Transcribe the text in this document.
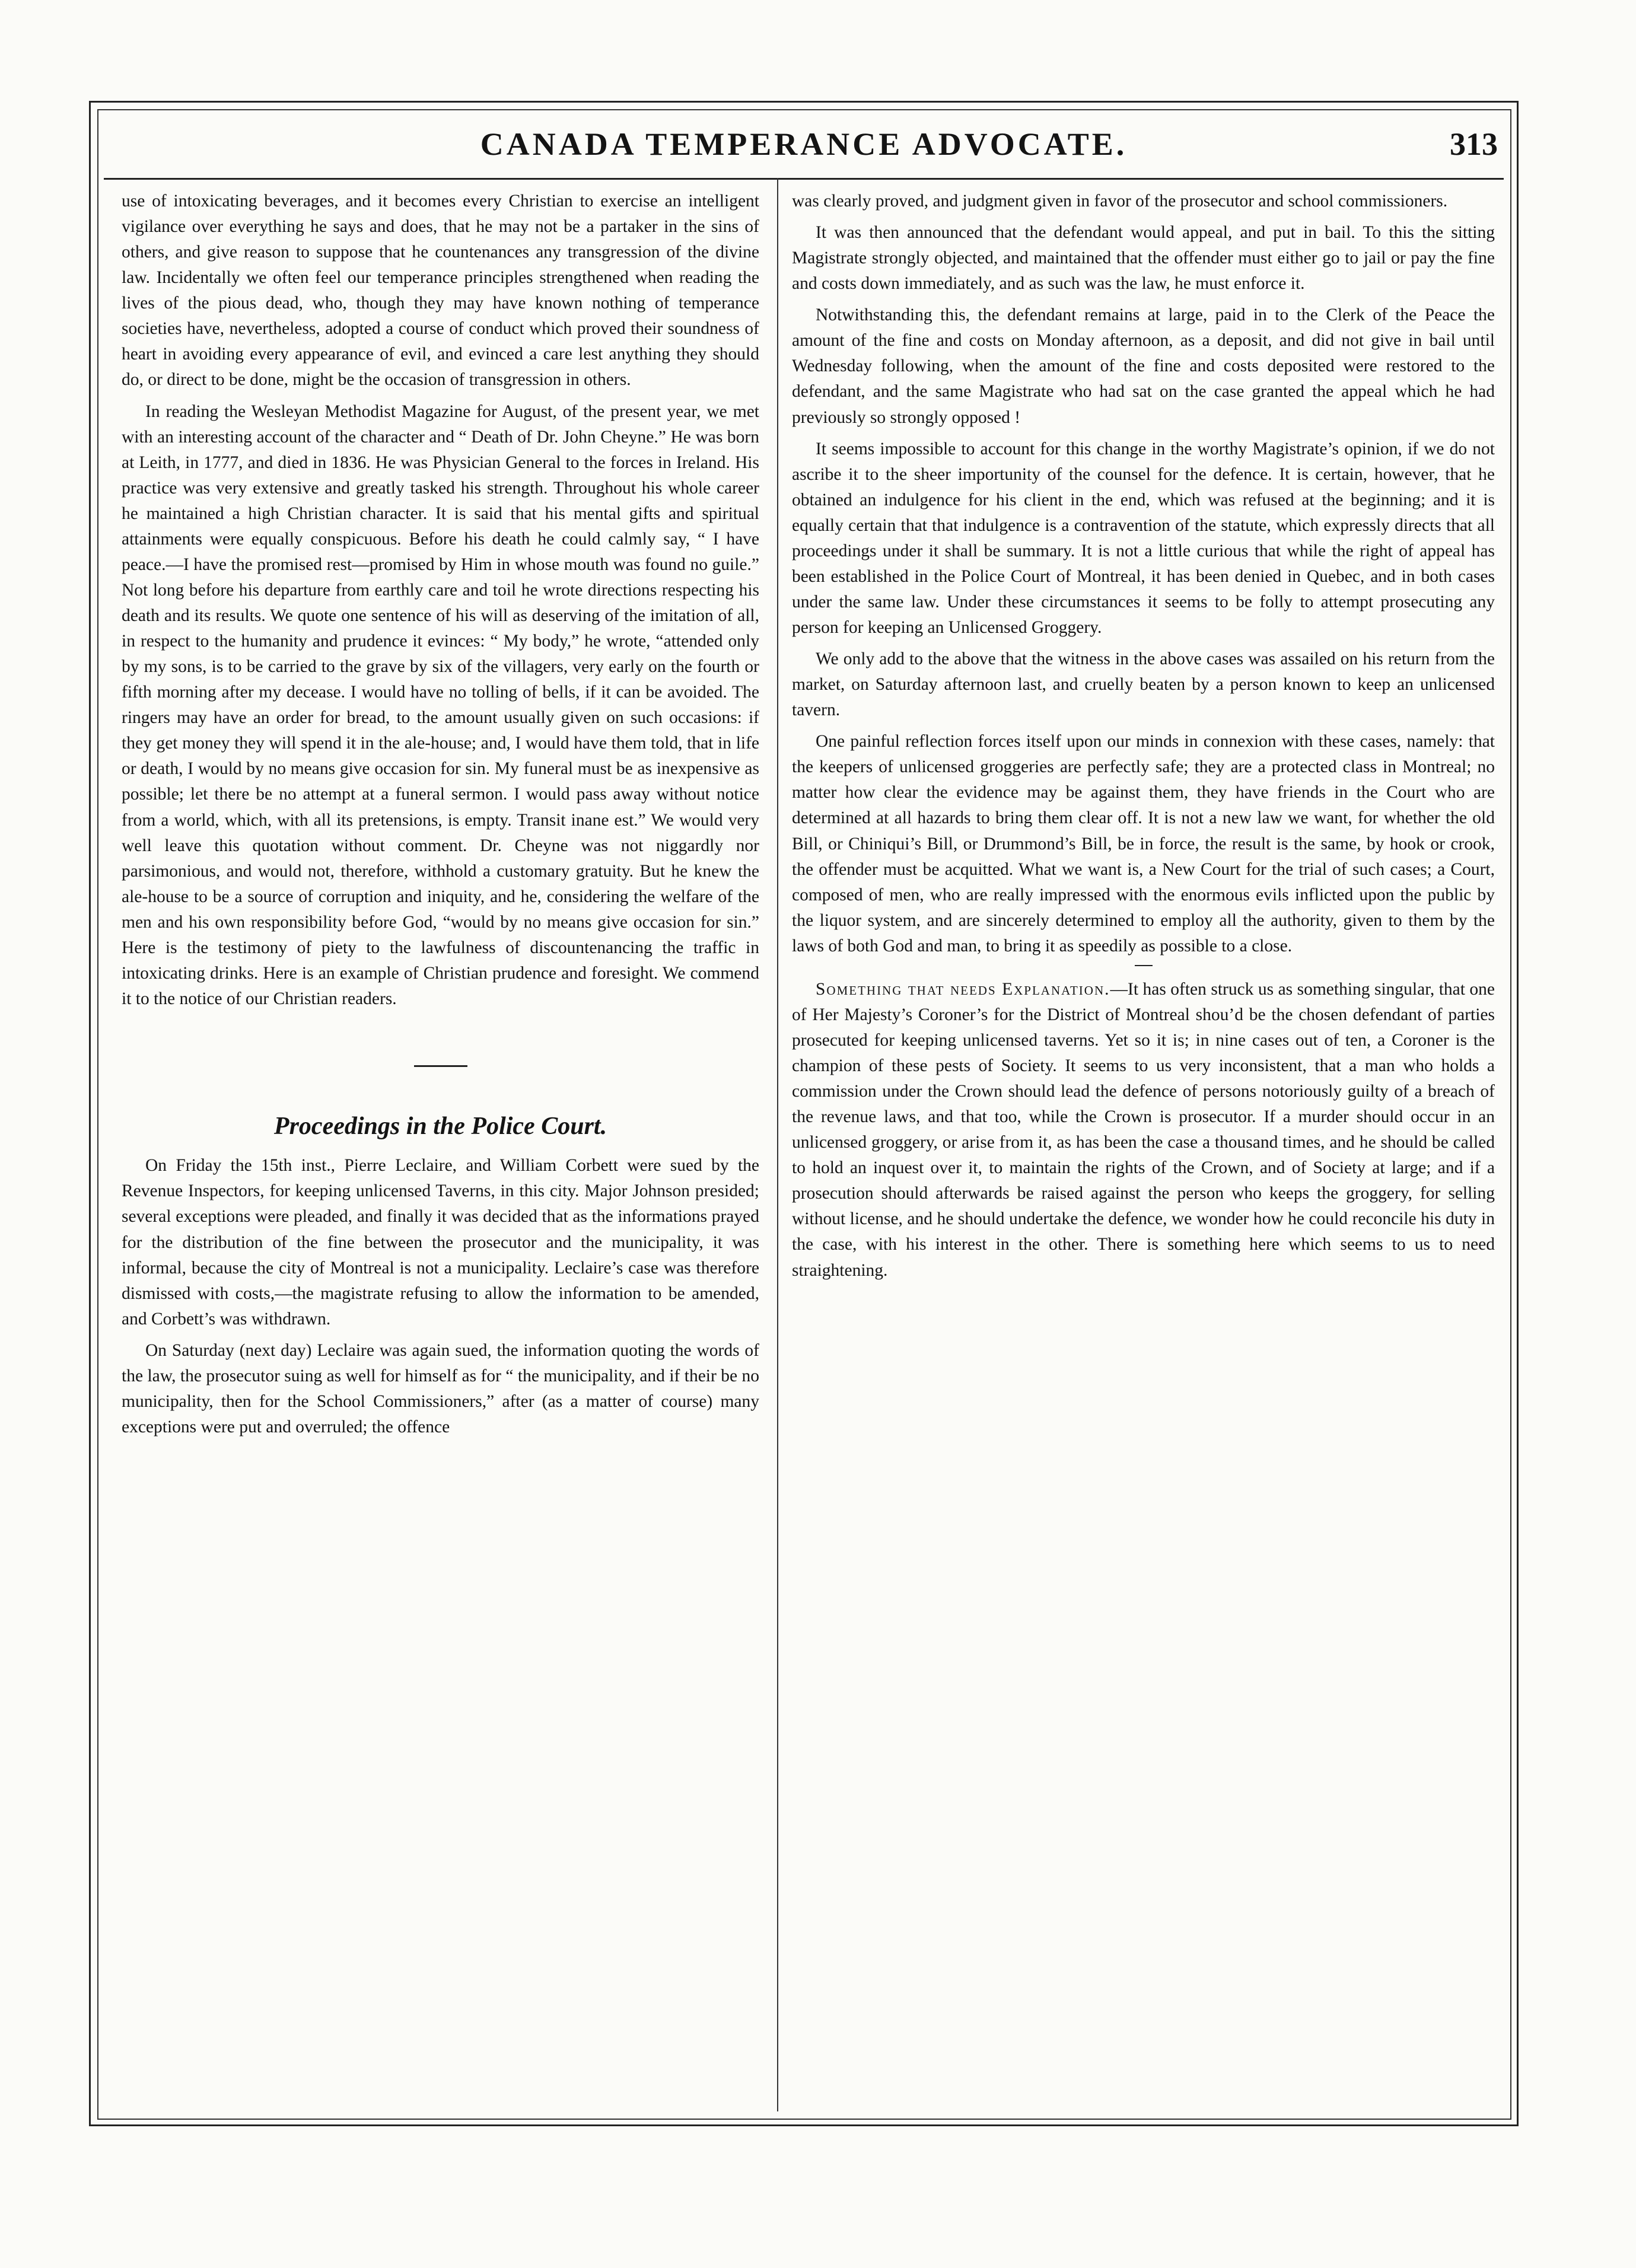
CANADA TEMPERANCE ADVOCATE.	313

use of intoxicating beverages, and it becomes every Christian to exercise an intelligent vigilance over everything he says and does, that he may not be a partaker in the sins of others, and give reason to suppose that he countenances any transgression of the divine law. Incidentally we often feel our temperance principles strengthened when reading the lives of the pious dead, who, though they may have known nothing of temperance societies have, nevertheless, adopted a course of conduct which proved their soundness of heart in avoiding every appearance of evil, and evinced a care lest anything they should do, or direct to be done, might be the occasion of transgression in others.

In reading the Wesleyan Methodist Magazine for August, of the present year, we met with an interesting account of the character and “ Death of Dr. John Cheyne.” He was born at Leith, in 1777, and died in 1836. He was Physician General to the forces in Ireland. His practice was very extensive and greatly tasked his strength. Throughout his whole career he maintained a high Christian character. It is said that his mental gifts and spiritual attainments were equally conspicuous. Before his death he could calmly say, “ I have peace.—I have the promised rest—promised by Him in whose mouth was found no guile.” Not long before his departure from earthly care and toil he wrote directions respecting his death and its results. We quote one sentence of his will as deserving of the imitation of all, in respect to the humanity and prudence it evinces: “ My body,” he wrote, “attended only by my sons, is to be carried to the grave by six of the villagers, very early on the fourth or fifth morning after my decease. I would have no tolling of bells, if it can be avoided. The ringers may have an order for bread, to the amount usually given on such occasions: if they get money they will spend it in the ale-house; and, I would have them told, that in life or death, I would by no means give occasion for sin. My funeral must be as inexpensive as possible; let there be no attempt at a funeral sermon. I would pass away without notice from a world, which, with all its pretensions, is empty. Transit inane est.” We would very well leave this quotation without comment. Dr. Cheyne was not niggardly nor parsimonious, and would not, therefore, withhold a customary gratuity. But he knew the ale-house to be a source of corruption and iniquity, and he, considering the welfare of the men and his own responsibility before God, “would by no means give occasion for sin.” Here is the testimony of piety to the lawfulness of discountenancing the traffic in intoxicating drinks. Here is an example of Christian prudence and foresight. We commend it to the notice of our Christian readers.

Proceedings in the Police Court.

On Friday the 15th inst., Pierre Leclaire, and William Corbett were sued by the Revenue Inspectors, for keeping unlicensed Taverns, in this city. Major Johnson presided; several exceptions were pleaded, and finally it was decided that as the informations prayed for the distribution of the fine between the prosecutor and the municipality, it was informal, because the city of Montreal is not a municipality. Leclaire’s case was therefore dismissed with costs,—the magistrate refusing to allow the information to be amended, and Corbett’s was withdrawn.

On Saturday (next day) Leclaire was again sued, the information quoting the words of the law, the prosecutor suing as well for himself as for “ the municipality, and if their be no municipality, then for the School Commissioners,” after (as a matter of course) many exceptions were put and overruled; the offence

was clearly proved, and judgment given in favor of the prosecutor and school commissioners.

It was then announced that the defendant would appeal, and put in bail. To this the sitting Magistrate strongly objected, and maintained that the offender must either go to jail or pay the fine and costs down immediately, and as such was the law, he must enforce it.

Notwithstanding this, the defendant remains at large, paid in to the Clerk of the Peace the amount of the fine and costs on Monday afternoon, as a deposit, and did not give in bail until Wednesday following, when the amount of the fine and costs deposited were restored to the defendant, and the same Magistrate who had sat on the case granted the appeal which he had previously so strongly opposed !

It seems impossible to account for this change in the worthy Magistrate’s opinion, if we do not ascribe it to the sheer importunity of the counsel for the defence. It is certain, however, that he obtained an indulgence for his client in the end, which was refused at the beginning; and it is equally certain that that indulgence is a contravention of the statute, which expressly directs that all proceedings under it shall be summary. It is not a little curious that while the right of appeal has been established in the Police Court of Montreal, it has been denied in Quebec, and in both cases under the same law. Under these circumstances it seems to be folly to attempt prosecuting any person for keeping an Unlicensed Groggery.

We only add to the above that the witness in the above cases was assailed on his return from the market, on Saturday afternoon last, and cruelly beaten by a person known to keep an unlicensed tavern.

One painful reflection forces itself upon our minds in connexion with these cases, namely: that the keepers of unlicensed groggeries are perfectly safe; they are a protected class in Montreal; no matter how clear the evidence may be against them, they have friends in the Court who are determined at all hazards to bring them clear off. It is not a new law we want, for whether the old Bill, or Chiniqui’s Bill, or Drummond’s Bill, be in force, the result is the same, by hook or crook, the offender must be acquitted. What we want is, a New Court for the trial of such cases; a Court, composed of men, who are really impressed with the enormous evils inflicted upon the public by the liquor system, and are sincerely determined to employ all the authority, given to them by the laws of both God and man, to bring it as speedily as possible to a close.

Something that needs Explanation.—It has often struck us as something singular, that one of Her Majesty’s Coroner’s for the District of Montreal shou’d be the chosen defendant of parties prosecuted for keeping unlicensed taverns. Yet so it is; in nine cases out of ten, a Coroner is the champion of these pests of Society. It seems to us very inconsistent, that a man who holds a commission under the Crown should lead the defence of persons notoriously guilty of a breach of the revenue laws, and that too, while the Crown is prosecutor. If a murder should occur in an unlicensed groggery, or arise from it, as has been the case a thousand times, and he should be called to hold an inquest over it, to maintain the rights of the Crown, and of Society at large; and if a prosecution should afterwards be raised against the person who keeps the groggery, for selling without license, and he should undertake the defence, we wonder how he could reconcile his duty in the case, with his interest in the other. There is something here which seems to us to need straightening.
